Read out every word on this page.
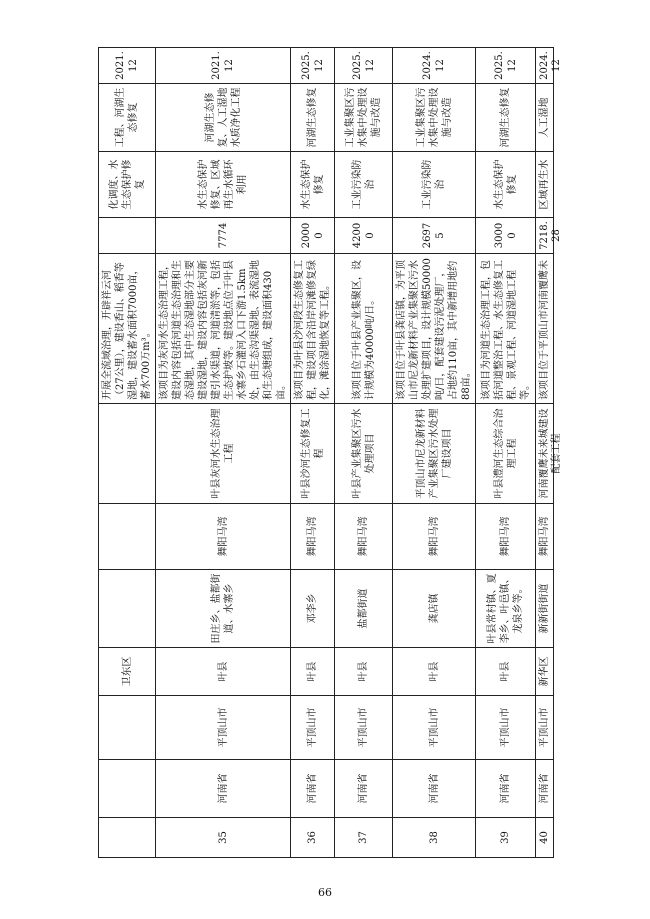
			卫东区				开展全流域治理，开辟祥云河（27公里），建设香山、稻香等湿地，建设蓄水面积7000亩，蓄水700万m³。		化调度、水生态保护修复	工程、河湖生态修复	2021.12
35	河南省	平顶山市	叶县	田庄乡、盐都街道、水寨乡	舞阳马湾	叶县灰河水生态治理工程	该项目为灰河水生态治理工程，建设内容包括河道生态治理和生态湿地，其中生态湿地部分主要建设湿地，建设内容包括灰河新建引水渠道，河道清淤等，包括生态护坡等。建设地点位于叶县水寨乡石灌河入口下游1.5km处，由生态沟渠湿地、表流湿地和生态塘组成，建设面积430亩。	7774	水生态保护修复、区域再生水循环利用	河湖生态修复、人工湿地水质净化工程	2021.12
36	河南省	平顶山市	叶县	邓李乡	舞阳马湾	叶县沙河生态修复工程	该项目为叶县沙河段生态修复工程，建设项目含沿岸河滩修复绿化，滩涂湿地恢复等工程。	20000	水生态保护修复	河湖生态修复	2025.12
37	河南省	平顶山市	叶县	盐都街道	舞阳马湾	叶县产业集聚区污水处理项目	该项目位于叶县产业集聚区，设计规模为40000吨/日。	42000	工业污染防治	工业集聚区污水集中处理设施与改造	2025.12
38	河南省	平顶山市	叶县	龚店镇	舞阳马湾	平顶山市尼龙新材料产业集聚区污水处理厂建设项目	该项目位于叶县龚店镇，为平顶山市尼龙新材料产业集聚区污水处理扩建项目，设计规模50000吨/日，配套建设污泥处理厂，占地约110亩，其中新增用地约88亩。	26975	工业污染防治	工业集聚区污水集中处理设施与改造	2024.12
39	河南省	平顶山市	叶县	叶县常村镇、夏李乡、叶邑镇、龙泉乡等。	舞阳马湾	叶县澧河生态综合治理工程	该项目为河道生态治理工程，包括河道整治工程、水生态修复工程、景观工程、河道湿地工程等。	30000	水生态保护修复	河湖生态修复	2025.12

40	河南省	平顶山市	新华区	新新街街道	舞阳马湾	河南覆鹰未来城建设配套工程	该项目位于平顶山市河南覆鹰未	7218.28	区域再生水	人工湿地	2024.12
66
